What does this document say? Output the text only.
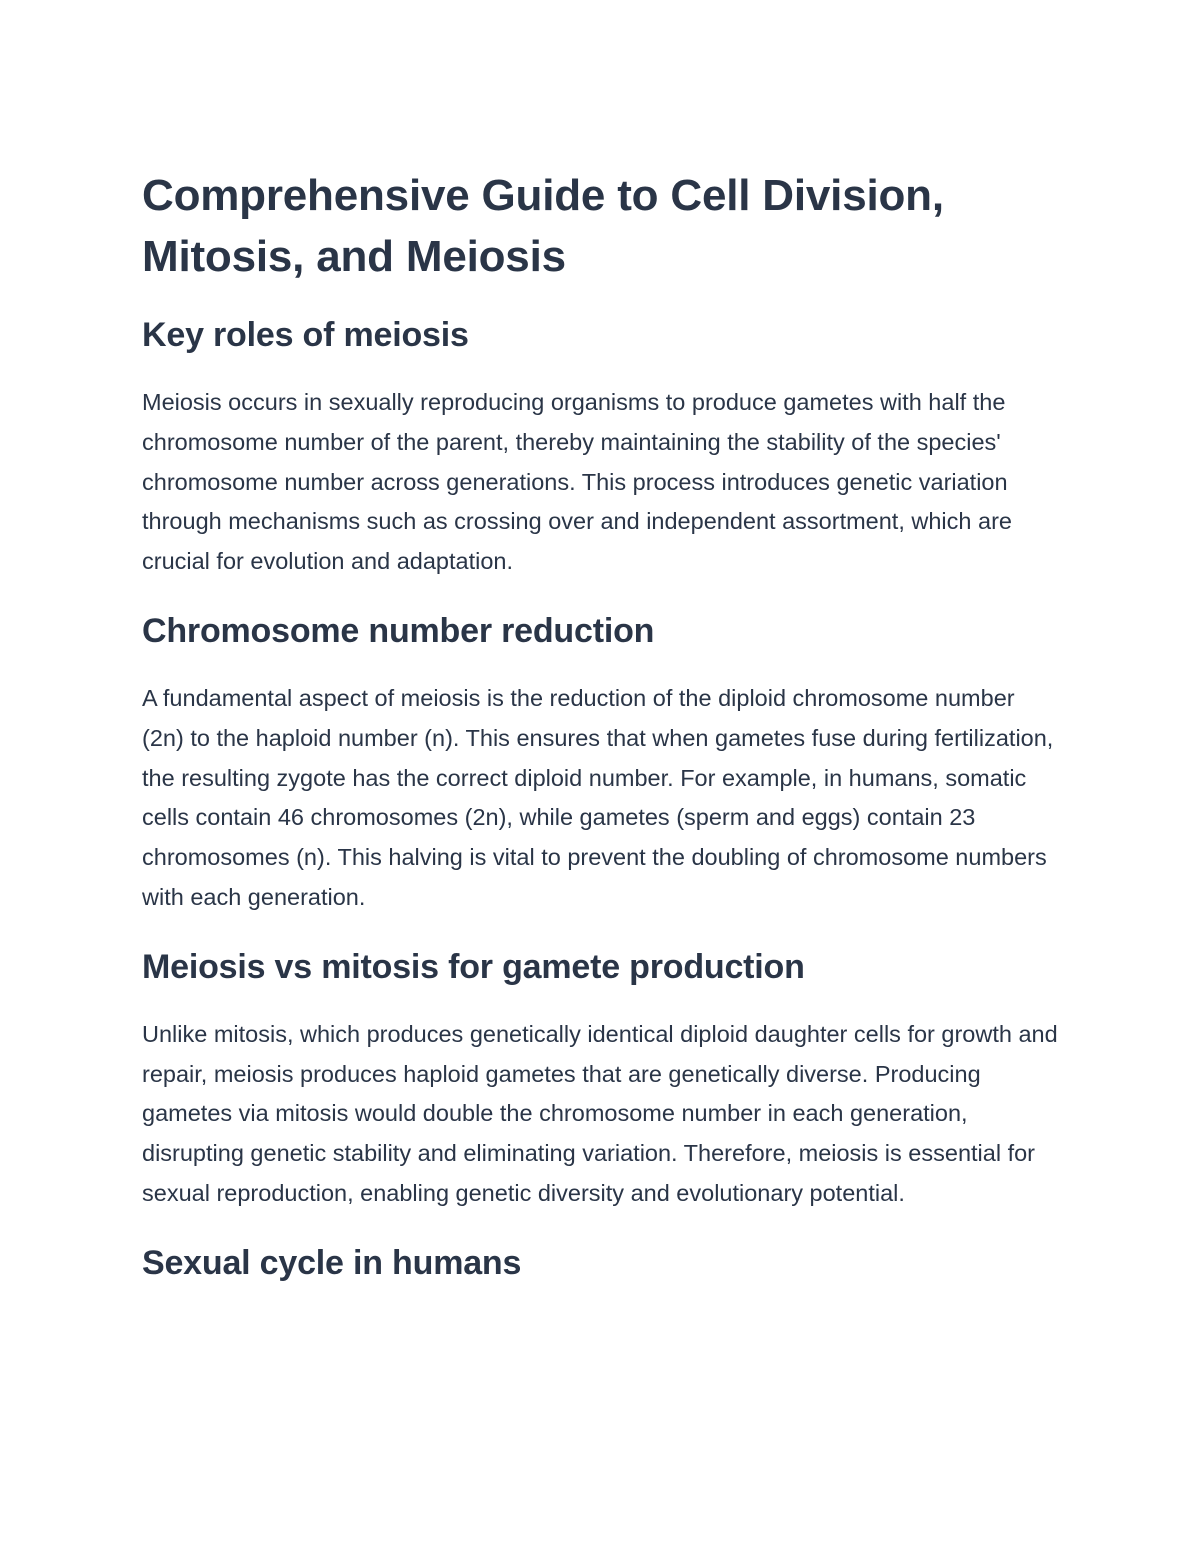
Comprehensive Guide to Cell Division, Mitosis, and Meiosis
Key roles of meiosis

Meiosis occurs in sexually reproducing organisms to produce gametes with half the chromosome number of the parent, thereby maintaining the stability of the species' chromosome number across generations. This process introduces genetic variation through mechanisms such as crossing over and independent assortment, which are crucial for evolution and adaptation.

Chromosome number reduction

A fundamental aspect of meiosis is the reduction of the diploid chromosome number (2n) to the haploid number (n). This ensures that when gametes fuse during fertilization, the resulting zygote has the correct diploid number. For example, in humans, somatic cells contain 46 chromosomes (2n), while gametes (sperm and eggs) contain 23 chromosomes (n). This halving is vital to prevent the doubling of chromosome numbers with each generation.

Meiosis vs mitosis for gamete production

Unlike mitosis, which produces genetically identical diploid daughter cells for growth and repair, meiosis produces haploid gametes that are genetically diverse. Producing gametes via mitosis would double the chromosome number in each generation, disrupting genetic stability and eliminating variation. Therefore, meiosis is essential for sexual reproduction, enabling genetic diversity and evolutionary potential.

Sexual cycle in humans
